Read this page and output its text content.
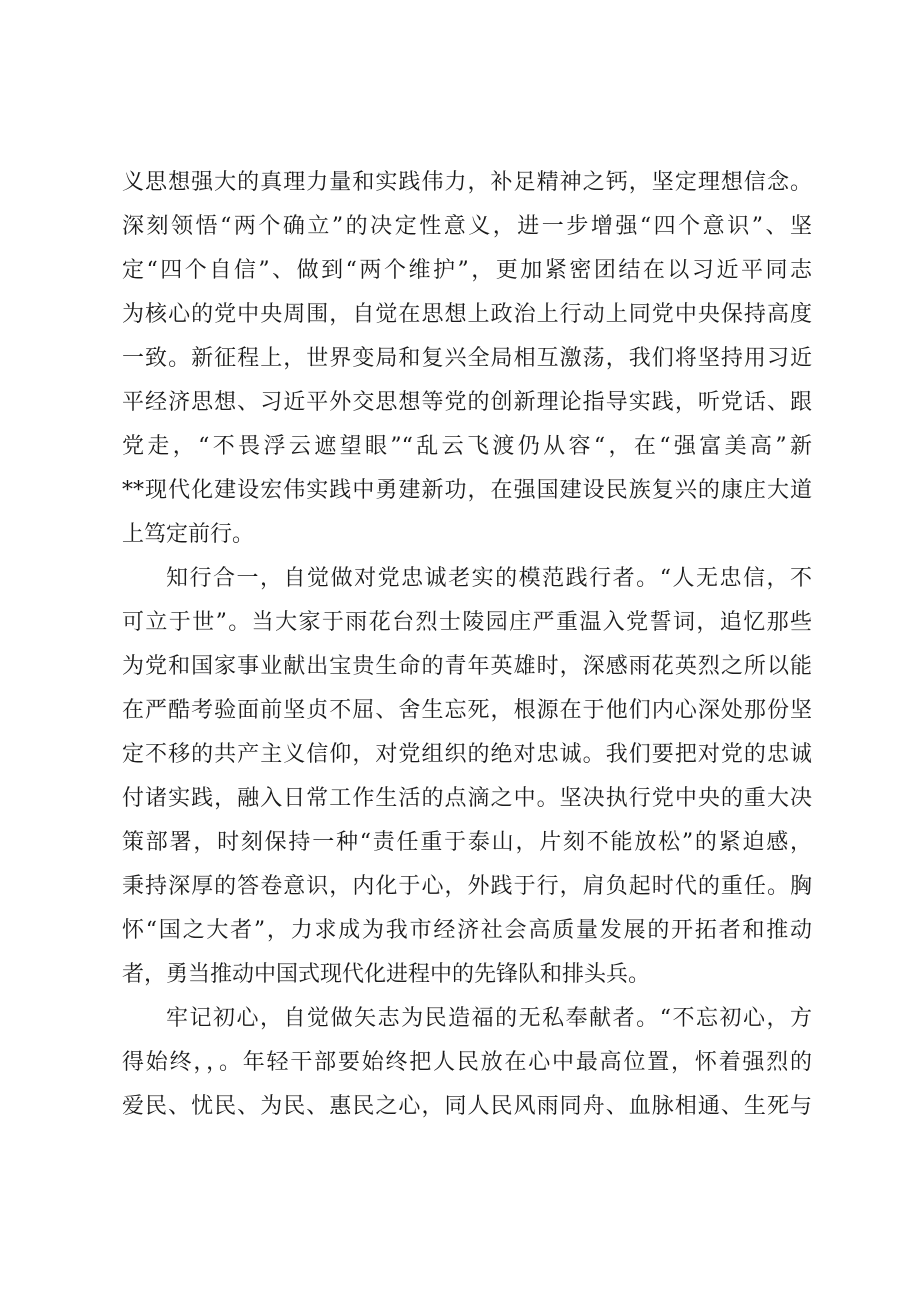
义思想强大的真理力量和实践伟力，补足精神之钙，坚定理想信念。

深刻领悟“两个确立”的决定性意义，进一步增强“四个意识”、坚

定“四个自信”、做到“两个维护”，更加紧密团结在以习近平同志

为核心的党中央周围，自觉在思想上政治上行动上同党中央保持高度

一致。新征程上，世界变局和复兴全局相互激荡，我们将坚持用习近

平经济思想、习近平外交思想等党的创新理论指导实践，听党话、跟

党走，“不畏浮云遮望眼”“乱云飞渡仍从容“，在“强富美高”新

**现代化建设宏伟实践中勇建新功，在强国建设民族复兴的康庄大道

上笃定前行。

知行合一，自觉做对党忠诚老实的模范践行者。“人无忠信，不

可立于世”。当大家于雨花台烈士陵园庄严重温入党誓词，追忆那些

为党和国家事业献出宝贵生命的青年英雄时，深感雨花英烈之所以能

在严酷考验面前坚贞不屈、舍生忘死，根源在于他们内心深处那份坚

定不移的共产主义信仰，对党组织的绝对忠诚。我们要把对党的忠诚

付诸实践，融入日常工作生活的点滴之中。坚决执行党中央的重大决

策部署，时刻保持一种“责任重于泰山，片刻不能放松”的紧迫感，

秉持深厚的答卷意识，内化于心，外践于行，肩负起时代的重任。胸

怀“国之大者”，力求成为我市经济社会高质量发展的开拓者和推动

者，勇当推动中国式现代化进程中的先锋队和排头兵。

牢记初心，自觉做矢志为民造福的无私奉献者。“不忘初心，方

得始终，，。年轻干部要始终把人民放在心中最高位置，怀着强烈的

爱民、忧民、为民、惠民之心，同人民风雨同舟、血脉相通、生死与
